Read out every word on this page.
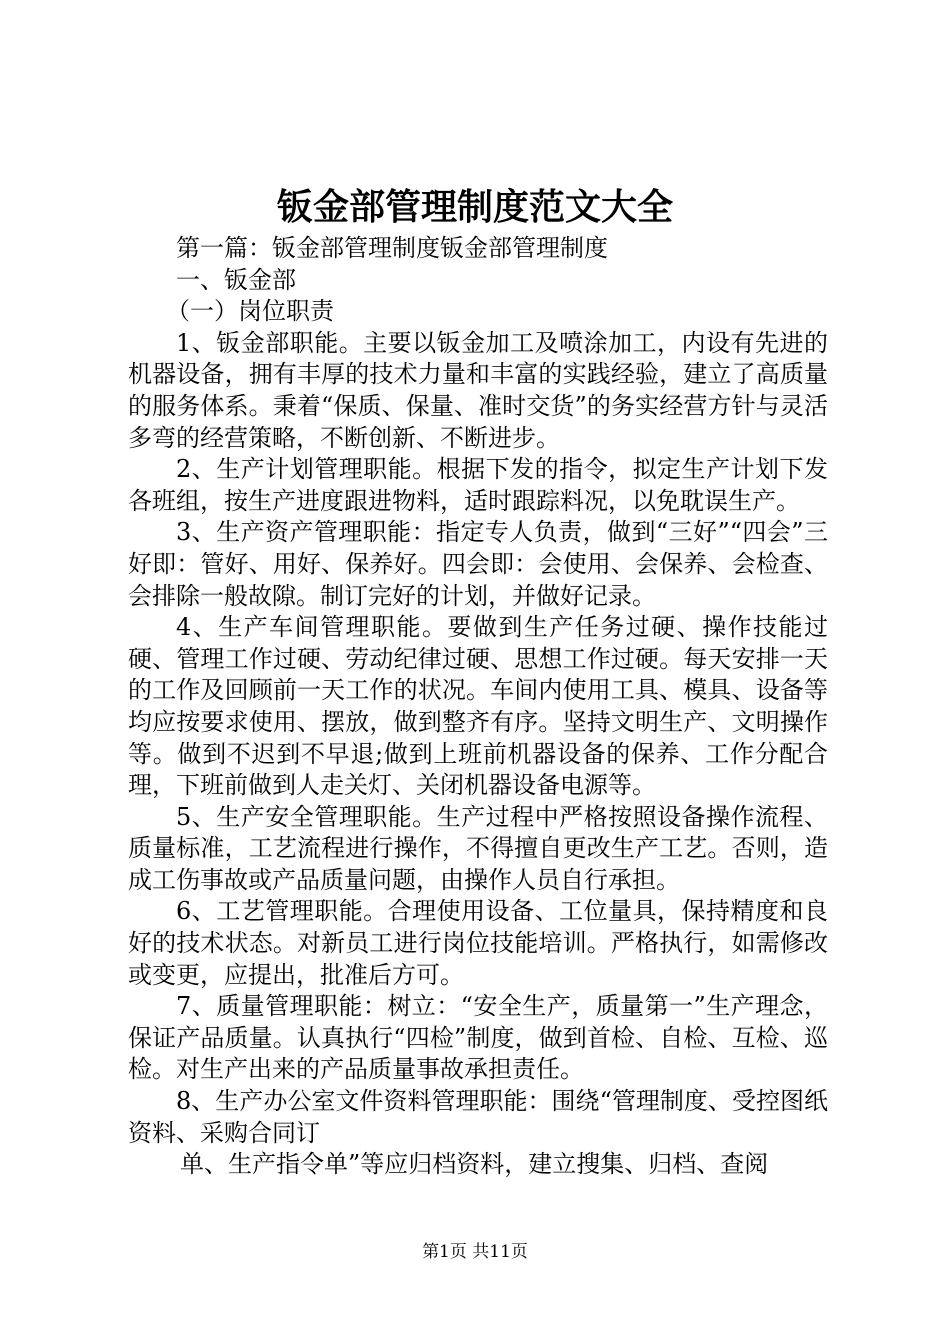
钣金部管理制度范文大全

第一篇：钣金部管理制度钣金部管理制度

一、钣金部

（一）岗位职责

1、钣金部职能。主要以钣金加工及喷涂加工，内设有先进的机器设备，拥有丰厚的技术力量和丰富的实践经验，建立了高质量的服务体系。秉着“保质、保量、准时交货”的务实经营方针与灵活多弯的经营策略，不断创新、不断进步。

2、生产计划管理职能。根据下发的指令，拟定生产计划下发各班组，按生产进度跟进物料，适时跟踪料况，以免耽误生产。

3、生产资产管理职能：指定专人负责，做到“三好”“四会”三好即：管好、用好、保养好。四会即：会使用、会保养、会检查、会排除一般故隙。制订完好的计划，并做好记录。

4、生产车间管理职能。要做到生产任务过硬、操作技能过硬、管理工作过硬、劳动纪律过硬、思想工作过硬。每天安排一天的工作及回顾前一天工作的状况。车间内使用工具、模具、设备等均应按要求使用、摆放，做到整齐有序。坚持文明生产、文明操作等。做到不迟到不早退;做到上班前机器设备的保养、工作分配合理，下班前做到人走关灯、关闭机器设备电源等。

5、生产安全管理职能。生产过程中严格按照设备操作流程、质量标准，工艺流程进行操作，不得擅自更改生产工艺。否则，造成工伤事故或产品质量问题，由操作人员自行承担。

6、工艺管理职能。合理使用设备、工位量具，保持精度和良好的技术状态。对新员工进行岗位技能培训。严格执行，如需修改或变更，应提出，批准后方可。

7、质量管理职能：树立：“安全生产，质量第一”生产理念，保证产品质量。认真执行“四检”制度，做到首检、自检、互检、巡检。对生产出来的产品质量事故承担责任。

8、生产办公室文件资料管理职能：围绕“管理制度、受控图纸资料、采购合同订

单、生产指令单”等应归档资料，建立搜集、归档、查阅

第1页 共11页
